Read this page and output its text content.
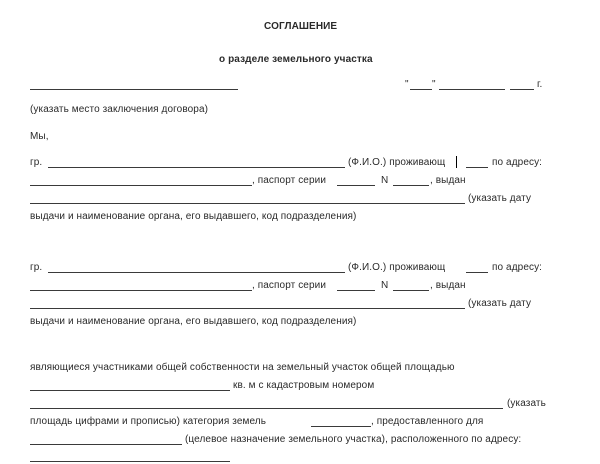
СОГЛАШЕНИЕ
о разделе земельного участка
" "	г.
(указать место заключения договора)
Мы,
гр.	(Ф.И.О.) проживающ	по адресу:
, паспорт серии	N	, выдан
(указать дату
выдачи и наименование органа, его выдавшего, код подразделения)
гр.	(Ф.И.О.) проживающ	по адресу:
, паспорт серии	N	, выдан
(указать дату
выдачи и наименование органа, его выдавшего, код подразделения)
являющиеся участниками общей собственности на земельный участок общей площадью
кв. м с кадастровым номером
(указать
площадь цифрами и прописью) категория земель	, предоставленного для
(целевое назначение земельного участка), расположенного по адресу:
